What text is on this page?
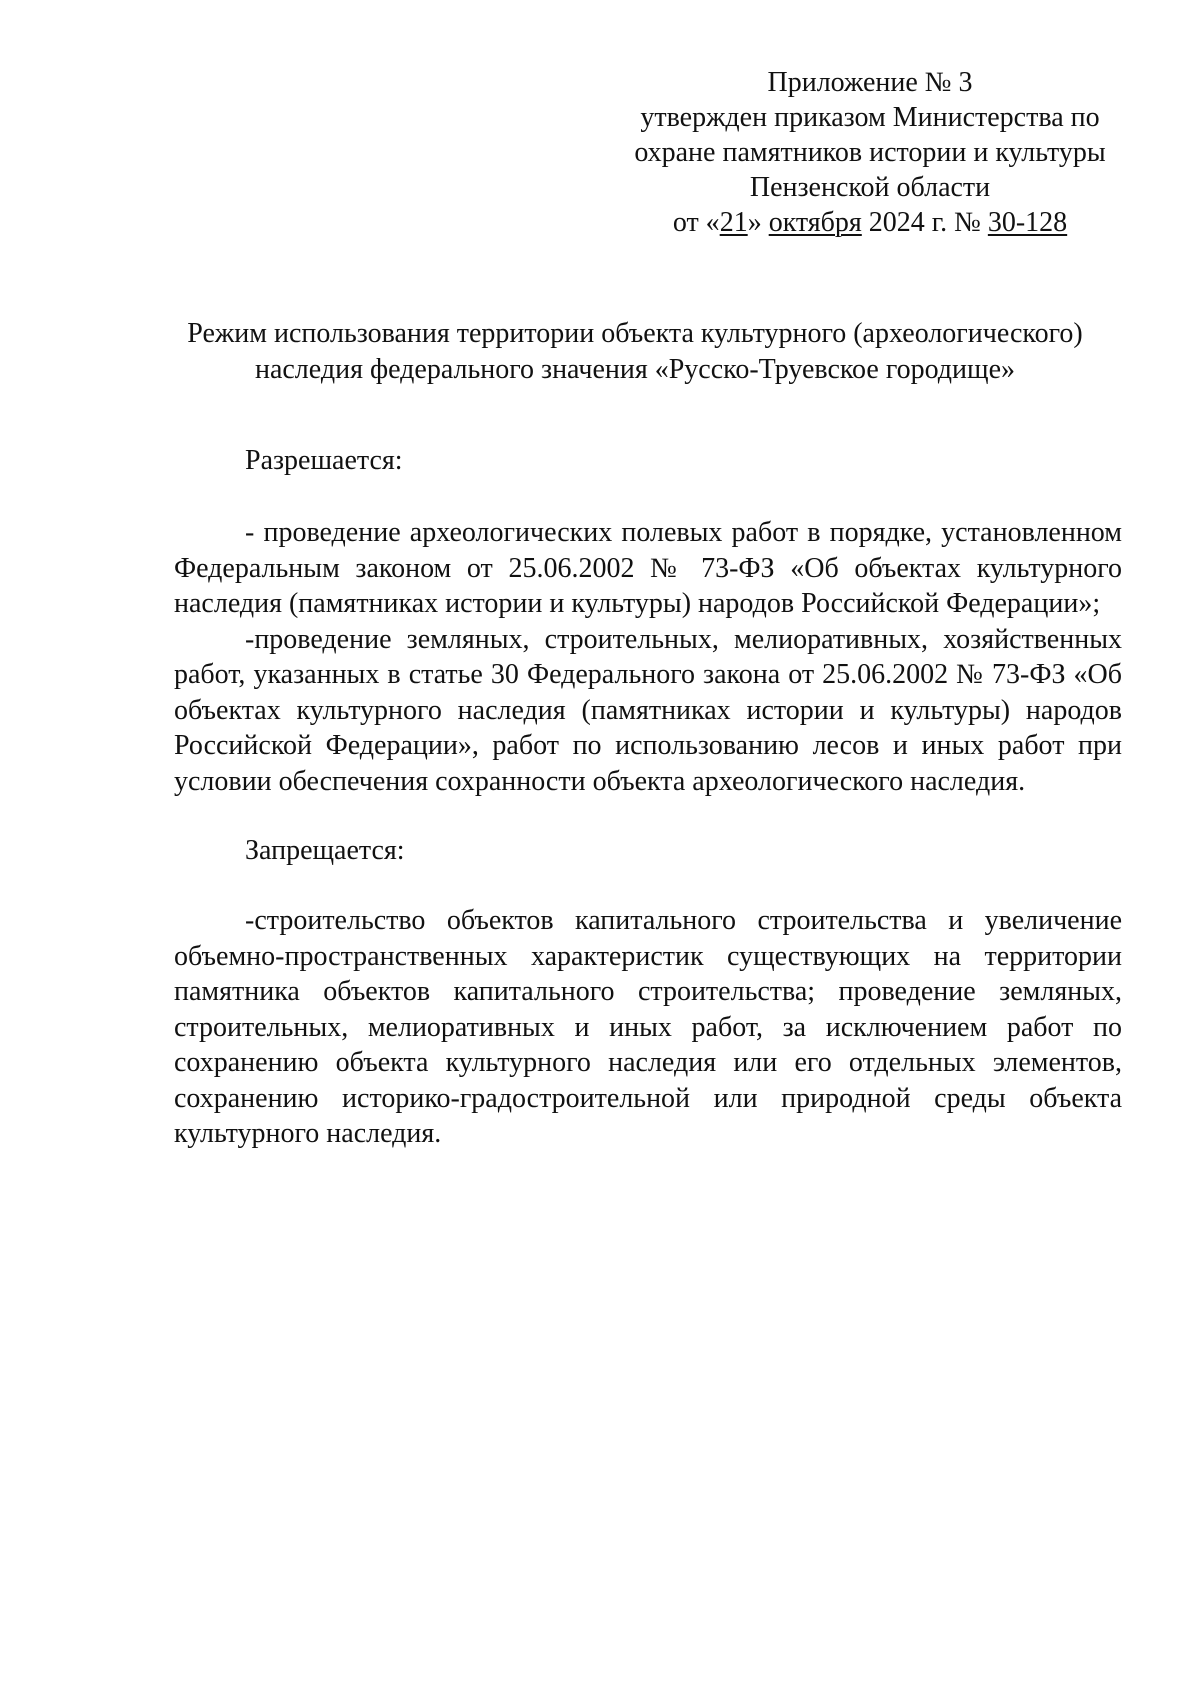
Приложение № 3
утвержден приказом Министерства по
охране памятников истории и культуры
Пензенской области
от «21» октября 2024 г. № 30-128
Режим использования территории объекта культурного (археологического)
наследия федерального значения «Русско-Труевское городище»
Разрешается:
- проведение археологических полевых работ в порядке, установленном
Федеральным законом от 25.06.2002 № 73-ФЗ «Об объектах культурного
наследия (памятниках истории и культуры) народов Российской Федерации»;
-проведение земляных, строительных, мелиоративных, хозяйственных
работ, указанных в статье 30 Федерального закона от 25.06.2002 № 73-ФЗ «Об
объектах культурного наследия (памятниках истории и культуры) народов
Российской Федерации», работ по использованию лесов и иных работ при
условии обеспечения сохранности объекта археологического наследия.
Запрещается:
-строительство объектов капитального строительства и увеличение
объемно-пространственных характеристик существующих на территории
памятника объектов капитального строительства; проведение земляных,
строительных, мелиоративных и иных работ, за исключением работ по
сохранению объекта культурного наследия или его отдельных элементов,
сохранению историко-градостроительной или природной среды объекта
культурного наследия.
